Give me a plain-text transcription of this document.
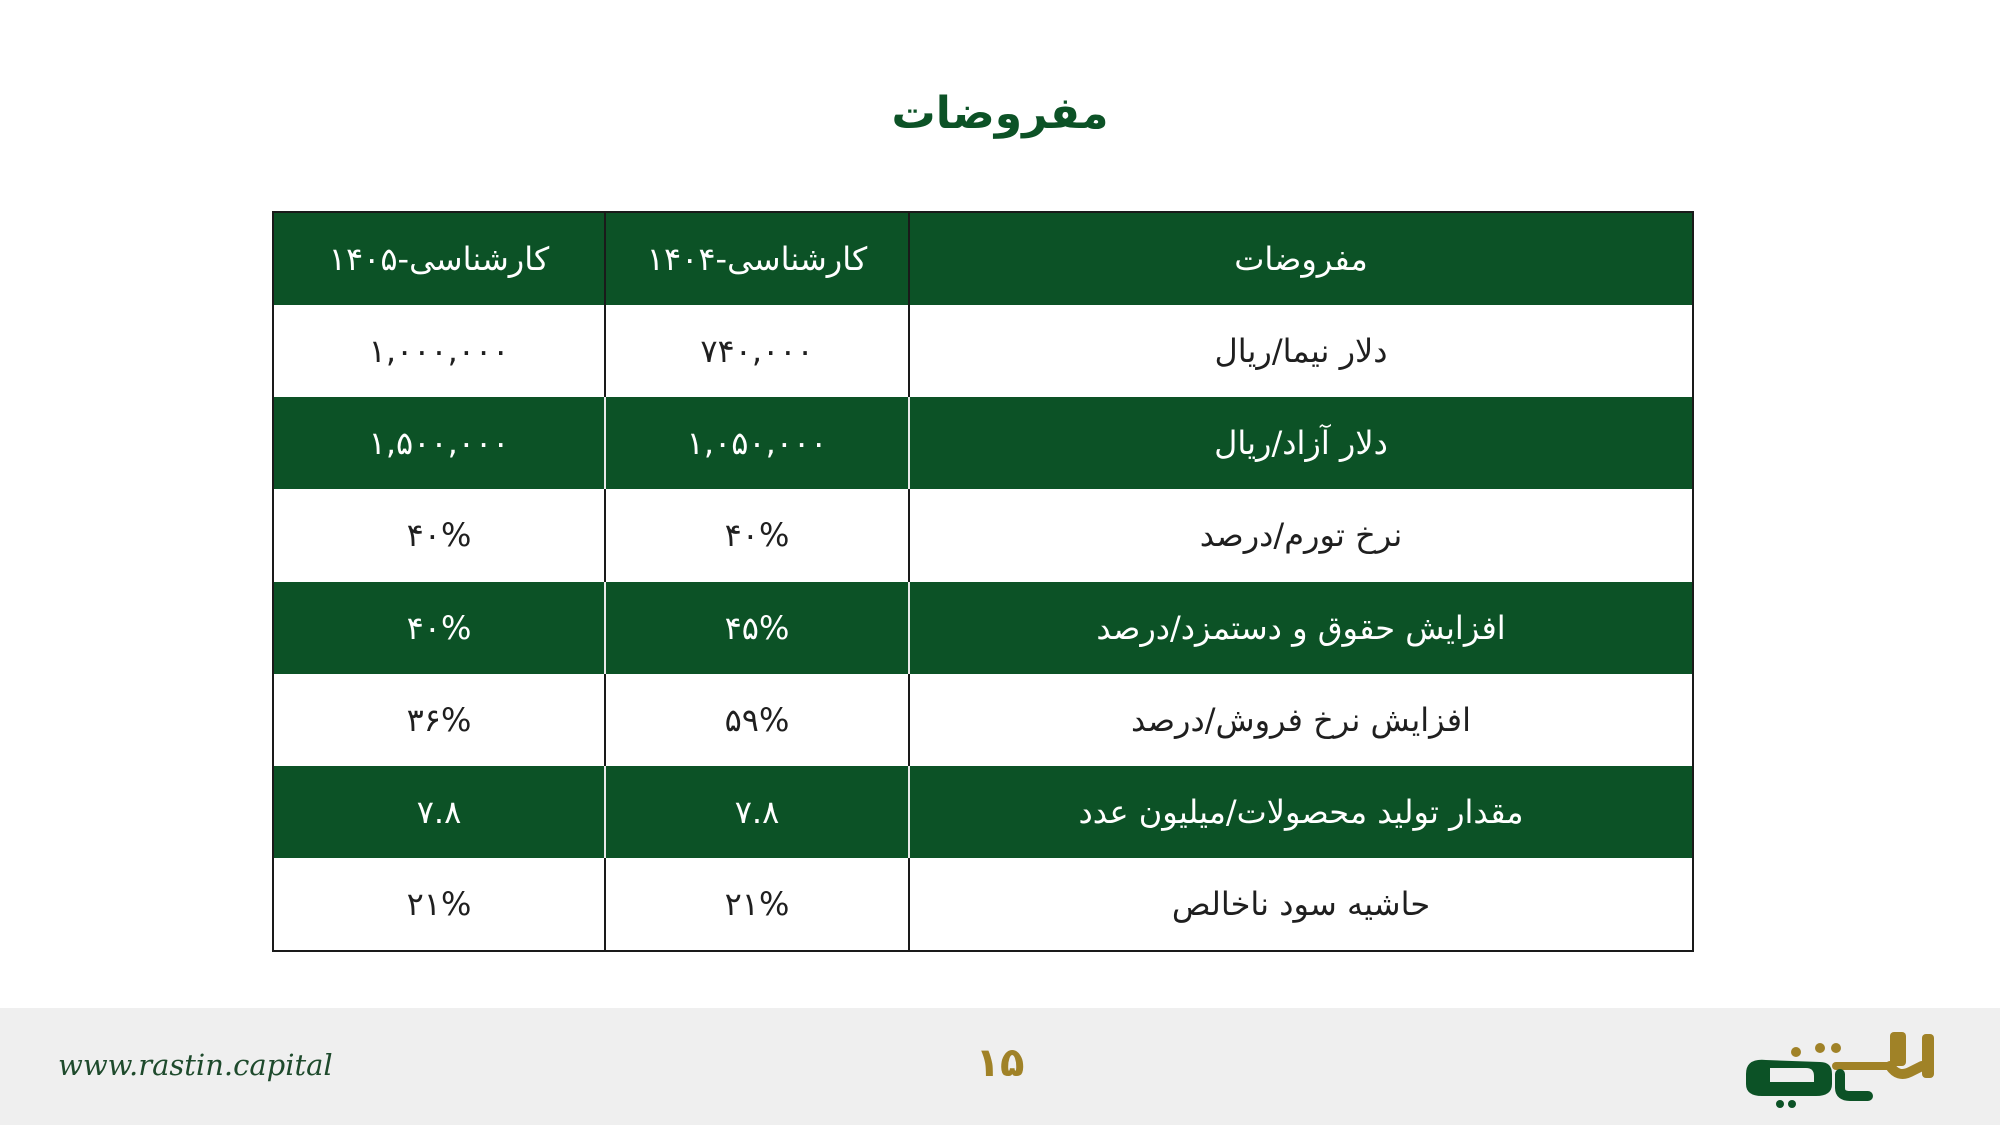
مفروضات
مفروضات
۱۴۰۴-کارشناسی
۱۴۰۵-کارشناسی
دلار نیما/ریال
۷۴۰,۰۰۰
۱,۰۰۰,۰۰۰
دلار آزاد/ریال
۱,۰۵۰,۰۰۰
۱,۵۰۰,۰۰۰
نرخ تورم/درصد
۴۰%
۴۰%
افزایش حقوق و دستمزد/درصد
۴۵%
۴۰%
افزایش نرخ فروش/درصد
۵۹%
۳۶%
مقدار تولید محصولات/میلیون عدد
۷.۸
۷.۸
حاشیه سود ناخالص
۲۱%
۲۱%
www.rastin.capital	۱۵
